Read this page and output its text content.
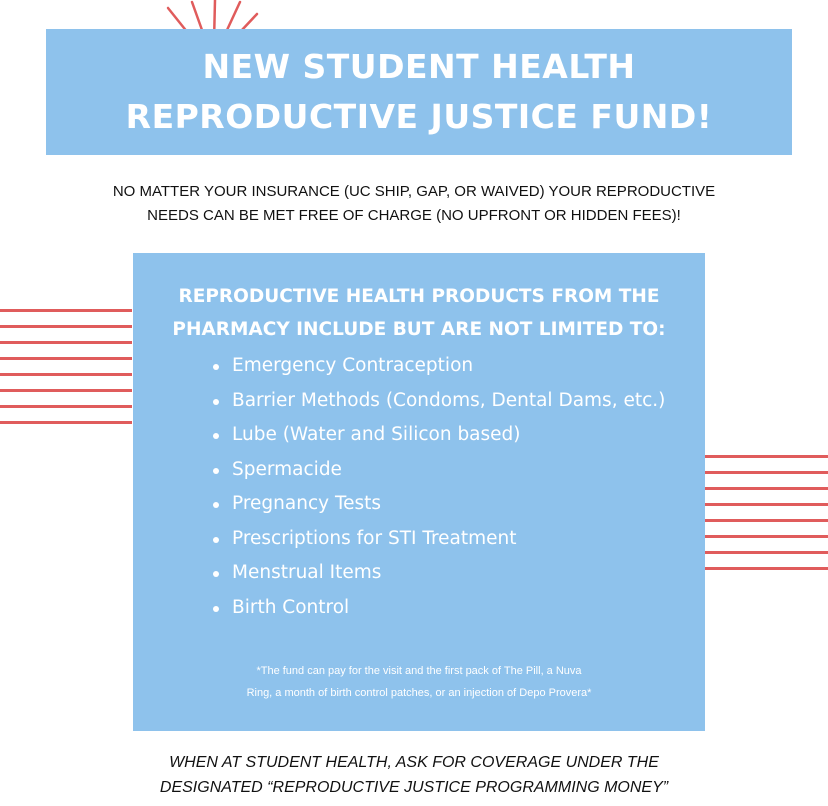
NEW STUDENT HEALTH
REPRODUCTIVE JUSTICE FUND!
NO MATTER YOUR INSURANCE (UC SHIP, GAP, OR WAIVED) YOUR REPRODUCTIVE
NEEDS CAN BE MET FREE OF CHARGE (NO UPFRONT OR HIDDEN FEES)!
REPRODUCTIVE HEALTH PRODUCTS FROM THE
PHARMACY INCLUDE BUT ARE NOT LIMITED TO:
Emergency Contraception
Barrier Methods (Condoms, Dental Dams, etc.)
Lube (Water and Silicon based)
Spermacide
Pregnancy Tests
Prescriptions for STI Treatment
Menstrual Items
Birth Control
*The fund can pay for the visit and the first pack of The Pill, a Nuva
Ring, a month of birth control patches, or an injection of Depo Provera*
WHEN AT STUDENT HEALTH, ASK FOR COVERAGE UNDER THE
DESIGNATED “REPRODUCTIVE JUSTICE PROGRAMMING MONEY”
